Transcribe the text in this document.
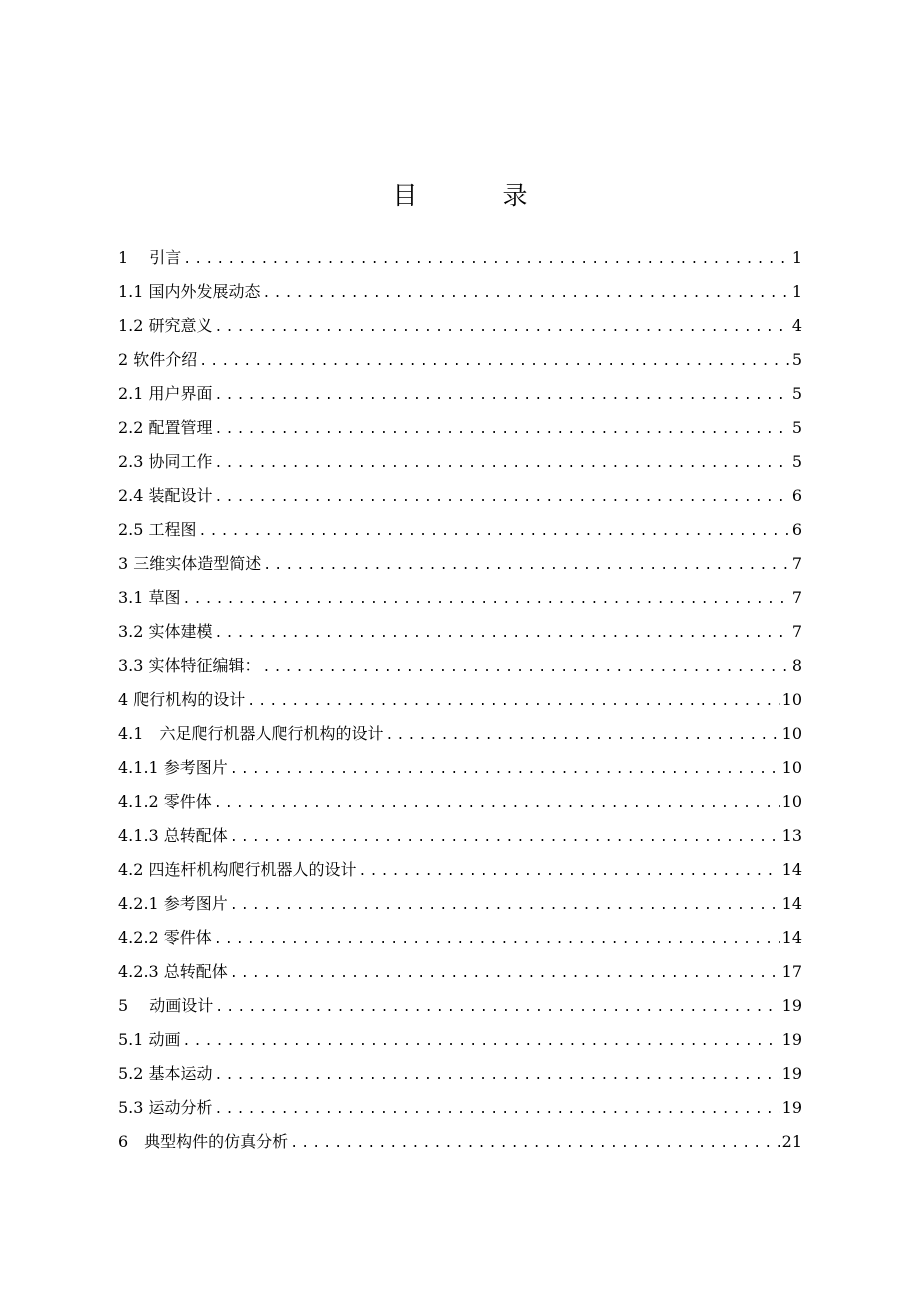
目　录
1　 引言 .....	1
1.1 国内外发展动态 .....	1
1.2 研究意义 .....	4
2 软件介绍 .....	5
2.1 用户界面 .....	5
2.2 配置管理 .....	5
2.3 协同工作 .....	5
2.4 装配设计 .....	6
2.5 工程图 .....	6
3 三维实体造型简述 .....	7
3.1 草图 .....	7
3.2 实体建模 .....	7
3.3 实体特征编辑： .....	8
4 爬行机构的设计 .....	10
4.1　六足爬行机器人爬行机构的设计 .....	10
4.1.1 参考图片 .....	10
4.1.2 零件体 .....	10
4.1.3 总转配体 .....	13
4.2 四连杆机构爬行机器人的设计 .....	14
4.2.1 参考图片 .....	14
4.2.2 零件体 .....	14
4.2.3 总转配体 .....	17
5　 动画设计 .....	19
5.1 动画 .....	19
5.2 基本运动 .....	19
5.3 运动分析 .....	19
6　典型构件的仿真分析 .....	21
